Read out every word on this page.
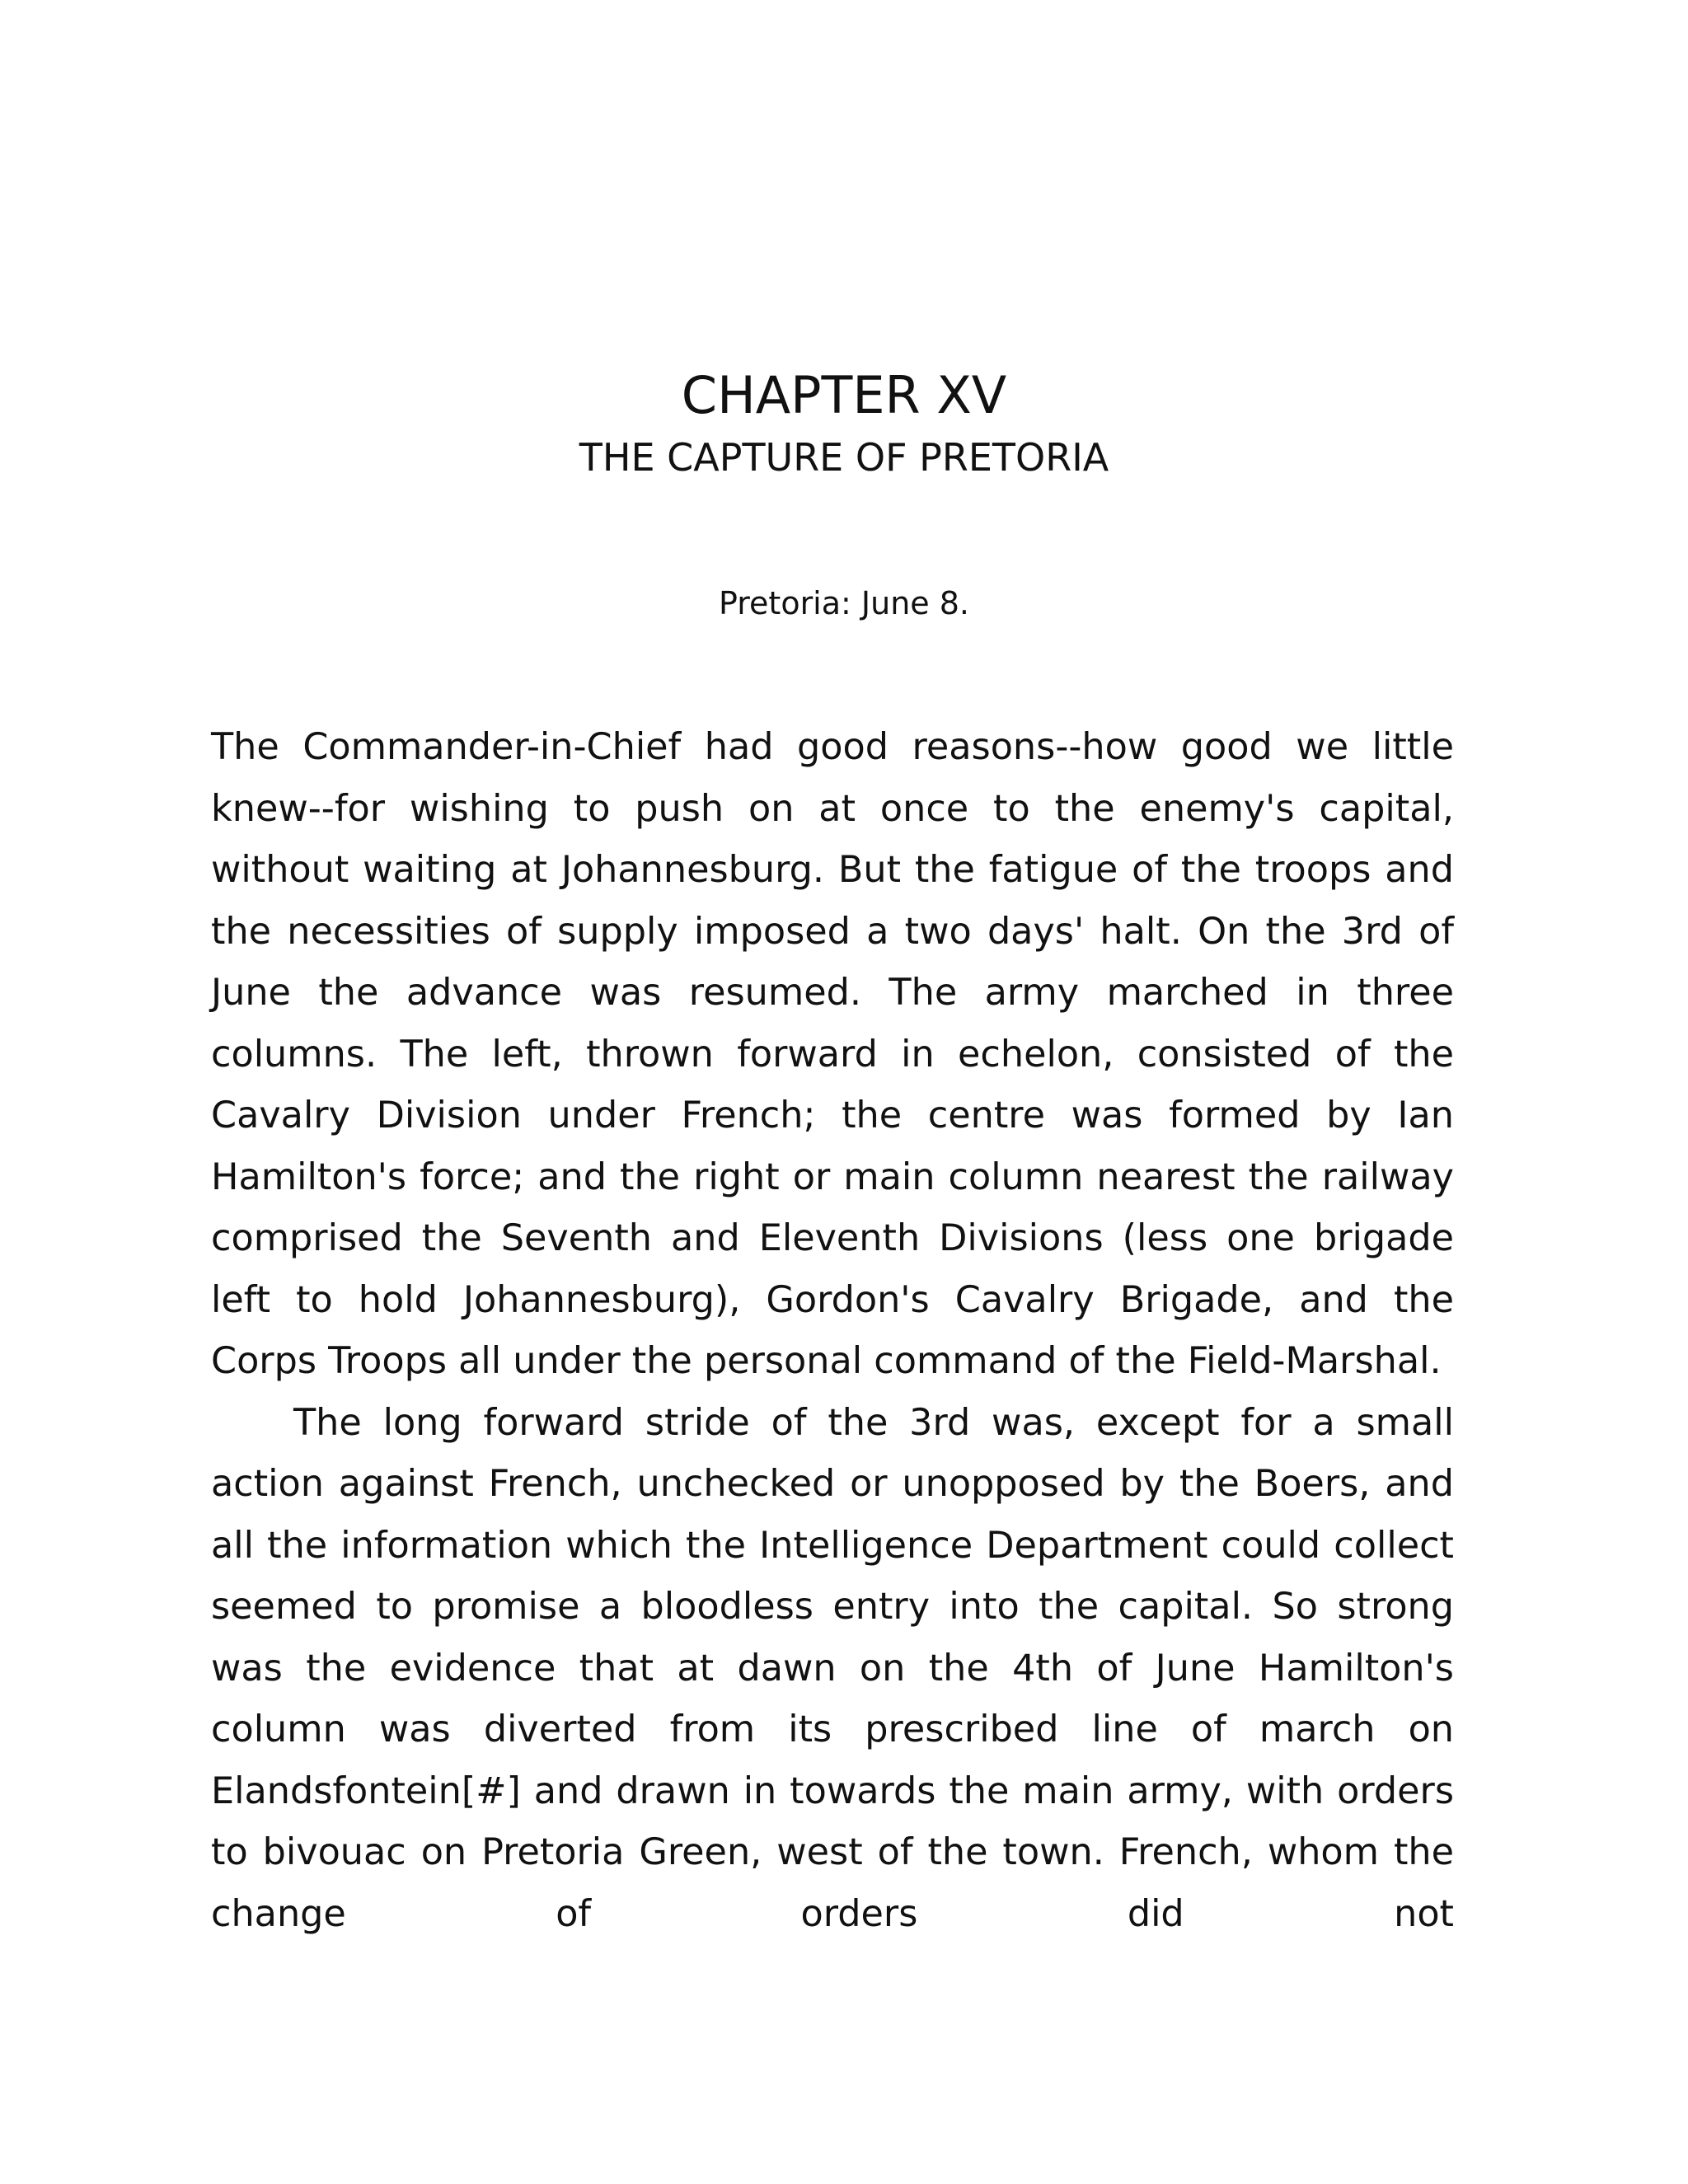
CHAPTER XV
THE CAPTURE OF PRETORIA

Pretoria: June 8.

The Commander-in-Chief had good reasons--how good we little knew--for wishing to push on at once to the enemy's capital, without waiting at Johannesburg. But the fatigue of the troops and the necessities of supply imposed a two days' halt. On the 3rd of June the advance was resumed. The army marched in three columns. The left, thrown forward in echelon, consisted of the Cavalry Division under French; the centre was formed by Ian Hamilton's force; and the right or main column nearest the railway comprised the Seventh and Eleventh Divisions (less one brigade left to hold Johannesburg), Gordon's Cavalry Brigade, and the Corps Troops all under the personal command of the Field-Marshal.

The long forward stride of the 3rd was, except for a small action against French, unchecked or unopposed by the Boers, and all the information which the Intelligence Department could collect seemed to promise a bloodless entry into the capital. So strong was the evidence that at dawn on the 4th of June Hamilton's column was diverted from its prescribed line of march on Elandsfontein[#] and drawn in towards the main army, with orders to bivouac on Pretoria Green, west of the town. French, whom the change of orders did not
